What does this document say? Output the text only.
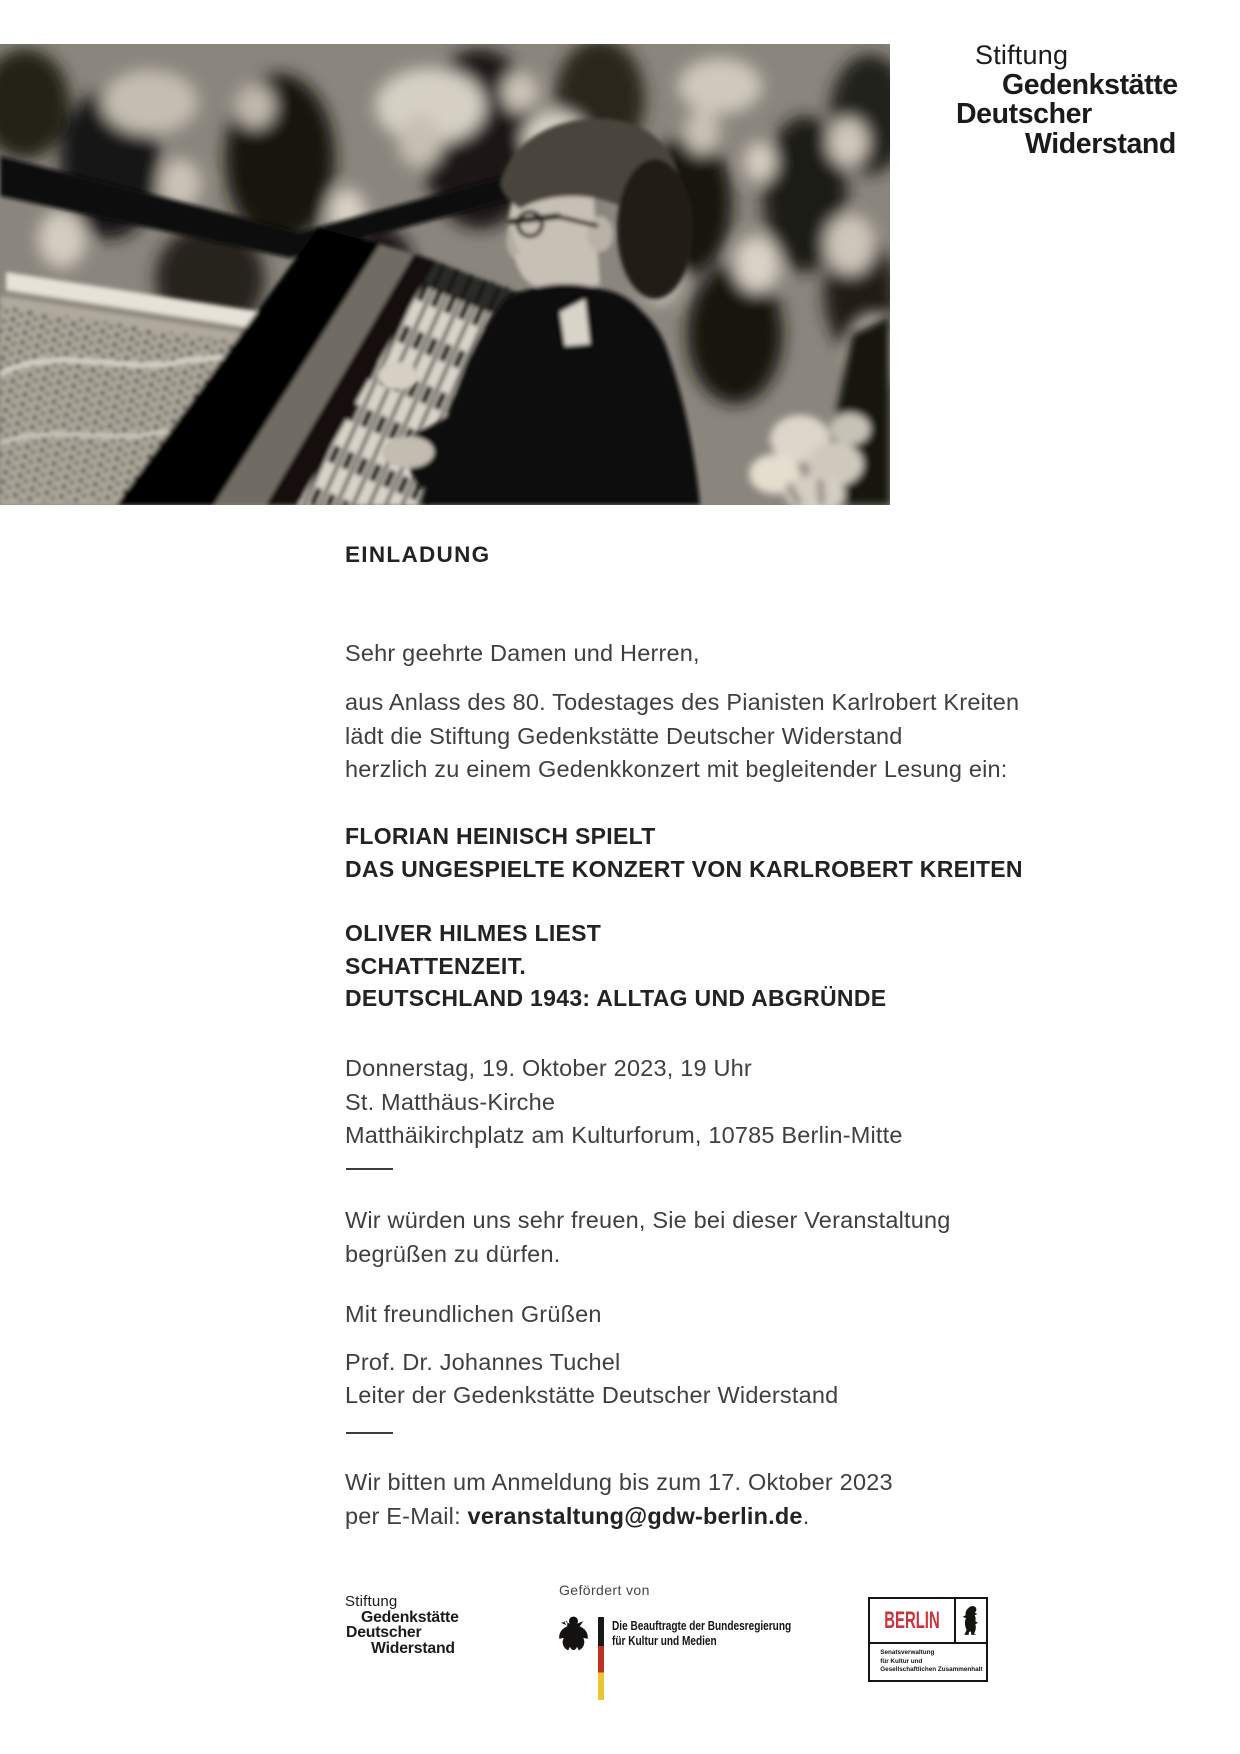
Stiftung
Gedenkstätte
Deutscher
Widerstand
EINLADUNG
Sehr geehrte Damen und Herren,
aus Anlass des 80. Todestages des Pianisten Karlrobert Kreiten
lädt die Stiftung Gedenkstätte Deutscher Widerstand
herzlich zu einem Gedenkkonzert mit begleitender Lesung ein:
FLORIAN HEINISCH SPIELT
DAS UNGESPIELTE KONZERT VON KARLROBERT KREITEN
OLIVER HILMES LIEST
SCHATTENZEIT.
DEUTSCHLAND 1943: ALLTAG UND ABGRÜNDE
Donnerstag, 19. Oktober 2023, 19 Uhr
St. Matthäus-Kirche
Matthäikirchplatz am Kulturforum, 10785 Berlin-Mitte
Wir würden uns sehr freuen, Sie bei dieser Veranstaltung
begrüßen zu dürfen.
Mit freundlichen Grüßen
Prof. Dr. Johannes Tuchel
Leiter der Gedenkstätte Deutscher Widerstand
Wir bitten um Anmeldung bis zum 17. Oktober 2023
per E-Mail: veranstaltung@gdw-berlin.de.
Stiftung
Gedenkstätte
Deutscher
Widerstand
Gefördert von
Die Beauftragte der Bundesregierung
für Kultur und Medien
BERLIN
Senatsverwaltung
für Kultur und
Gesellschaftlichen Zusammenhalt
